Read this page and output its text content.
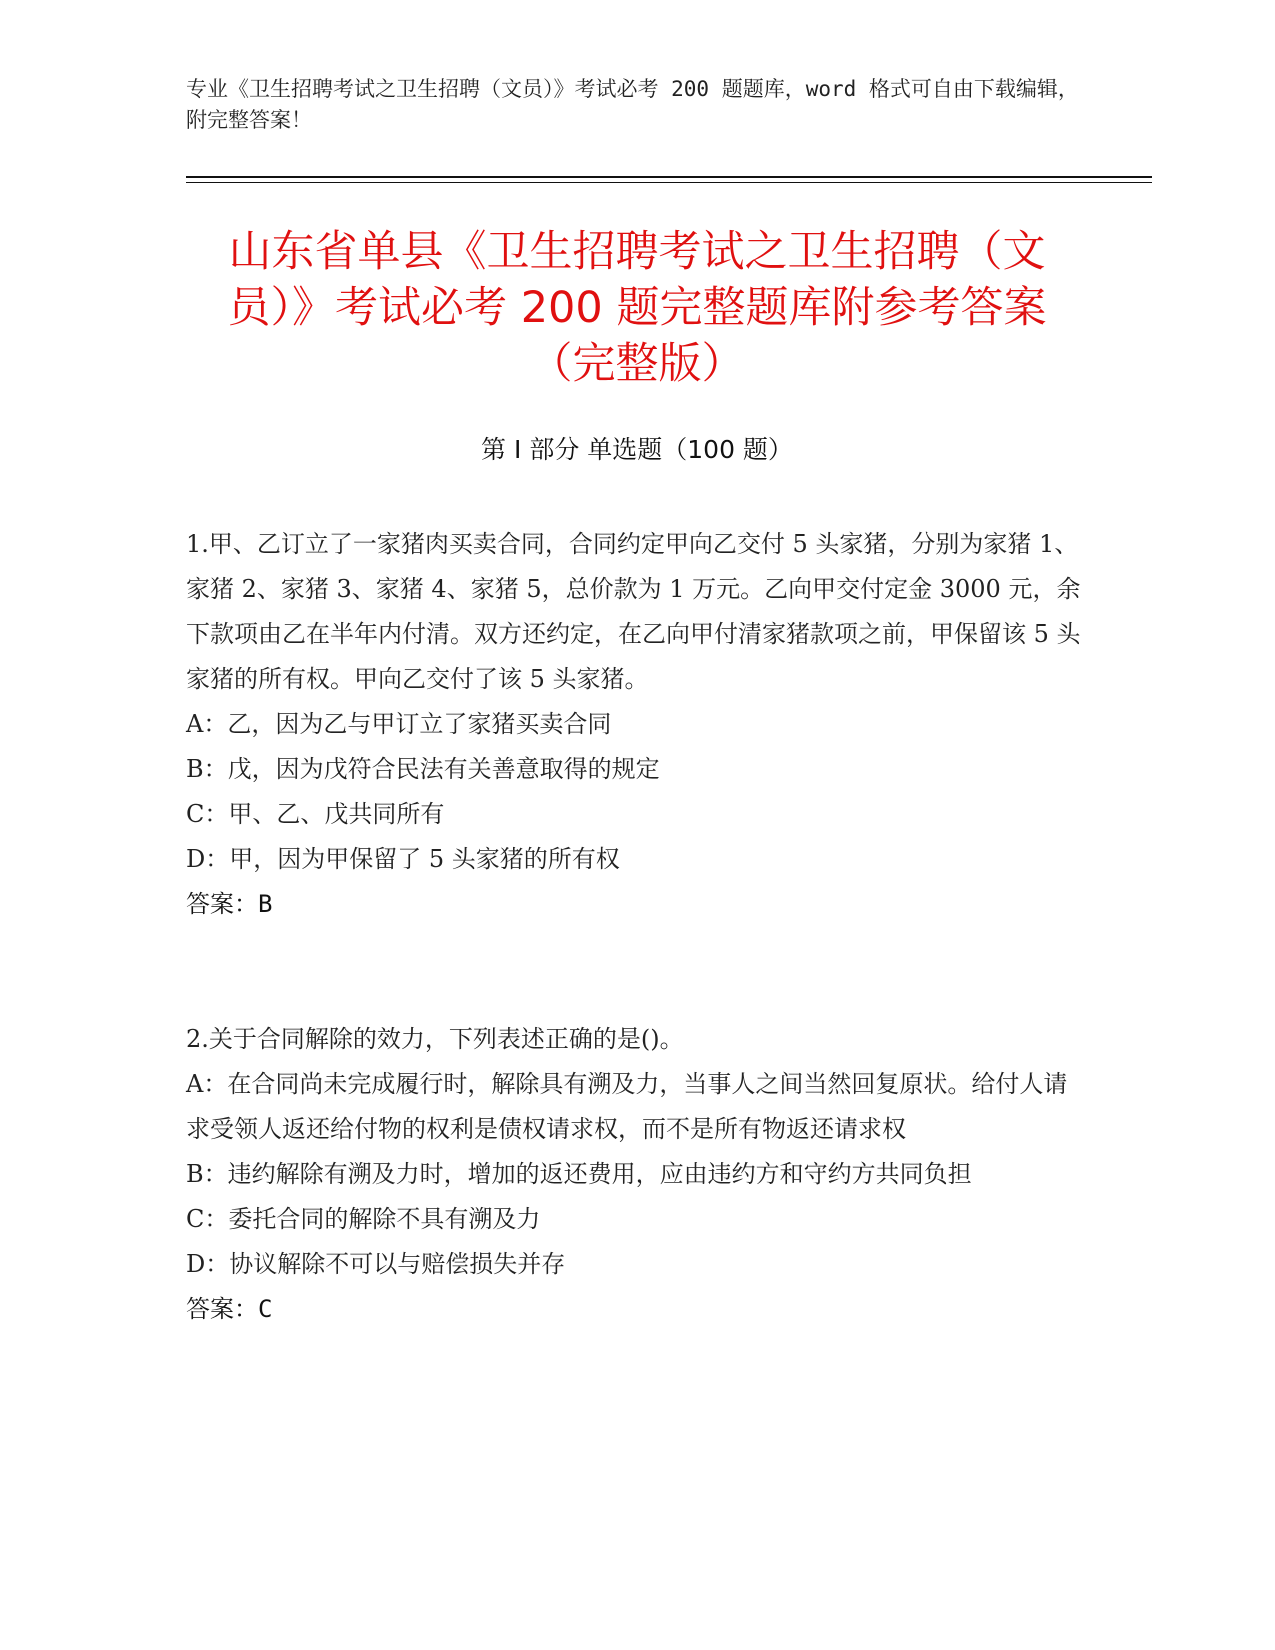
专业《卫生招聘考试之卫生招聘（文员）》考试必考 200 题题库，word 格式可自由下载编辑，附完整答案！
山东省单县《卫生招聘考试之卫生招聘（文员）》考试必考 200 题完整题库附参考答案（完整版）
第 I 部分 单选题（100 题）

1.甲、乙订立了一家猪肉买卖合同，合同约定甲向乙交付 5 头家猪，分别为家猪 1、家猪 2、家猪 3、家猪 4、家猪 5，总价款为 1 万元。乙向甲交付定金 3000 元，余下款项由乙在半年内付清。双方还约定，在乙向甲付清家猪款项之前，甲保留该 5 头家猪的所有权。甲向乙交付了该 5 头家猪。

A：乙，因为乙与甲订立了家猪买卖合同

B：戊，因为戊符合民法有关善意取得的规定

C：甲、乙、戊共同所有

D：甲，因为甲保留了 5 头家猪的所有权

答案：B

2.关于合同解除的效力，下列表述正确的是()。

A：在合同尚未完成履行时，解除具有溯及力，当事人之间当然回复原状。给付人请求受领人返还给付物的权利是债权请求权，而不是所有物返还请求权

B：违约解除有溯及力时，增加的返还费用，应由违约方和守约方共同负担

C：委托合同的解除不具有溯及力

D：协议解除不可以与赔偿损失并存

答案：C
